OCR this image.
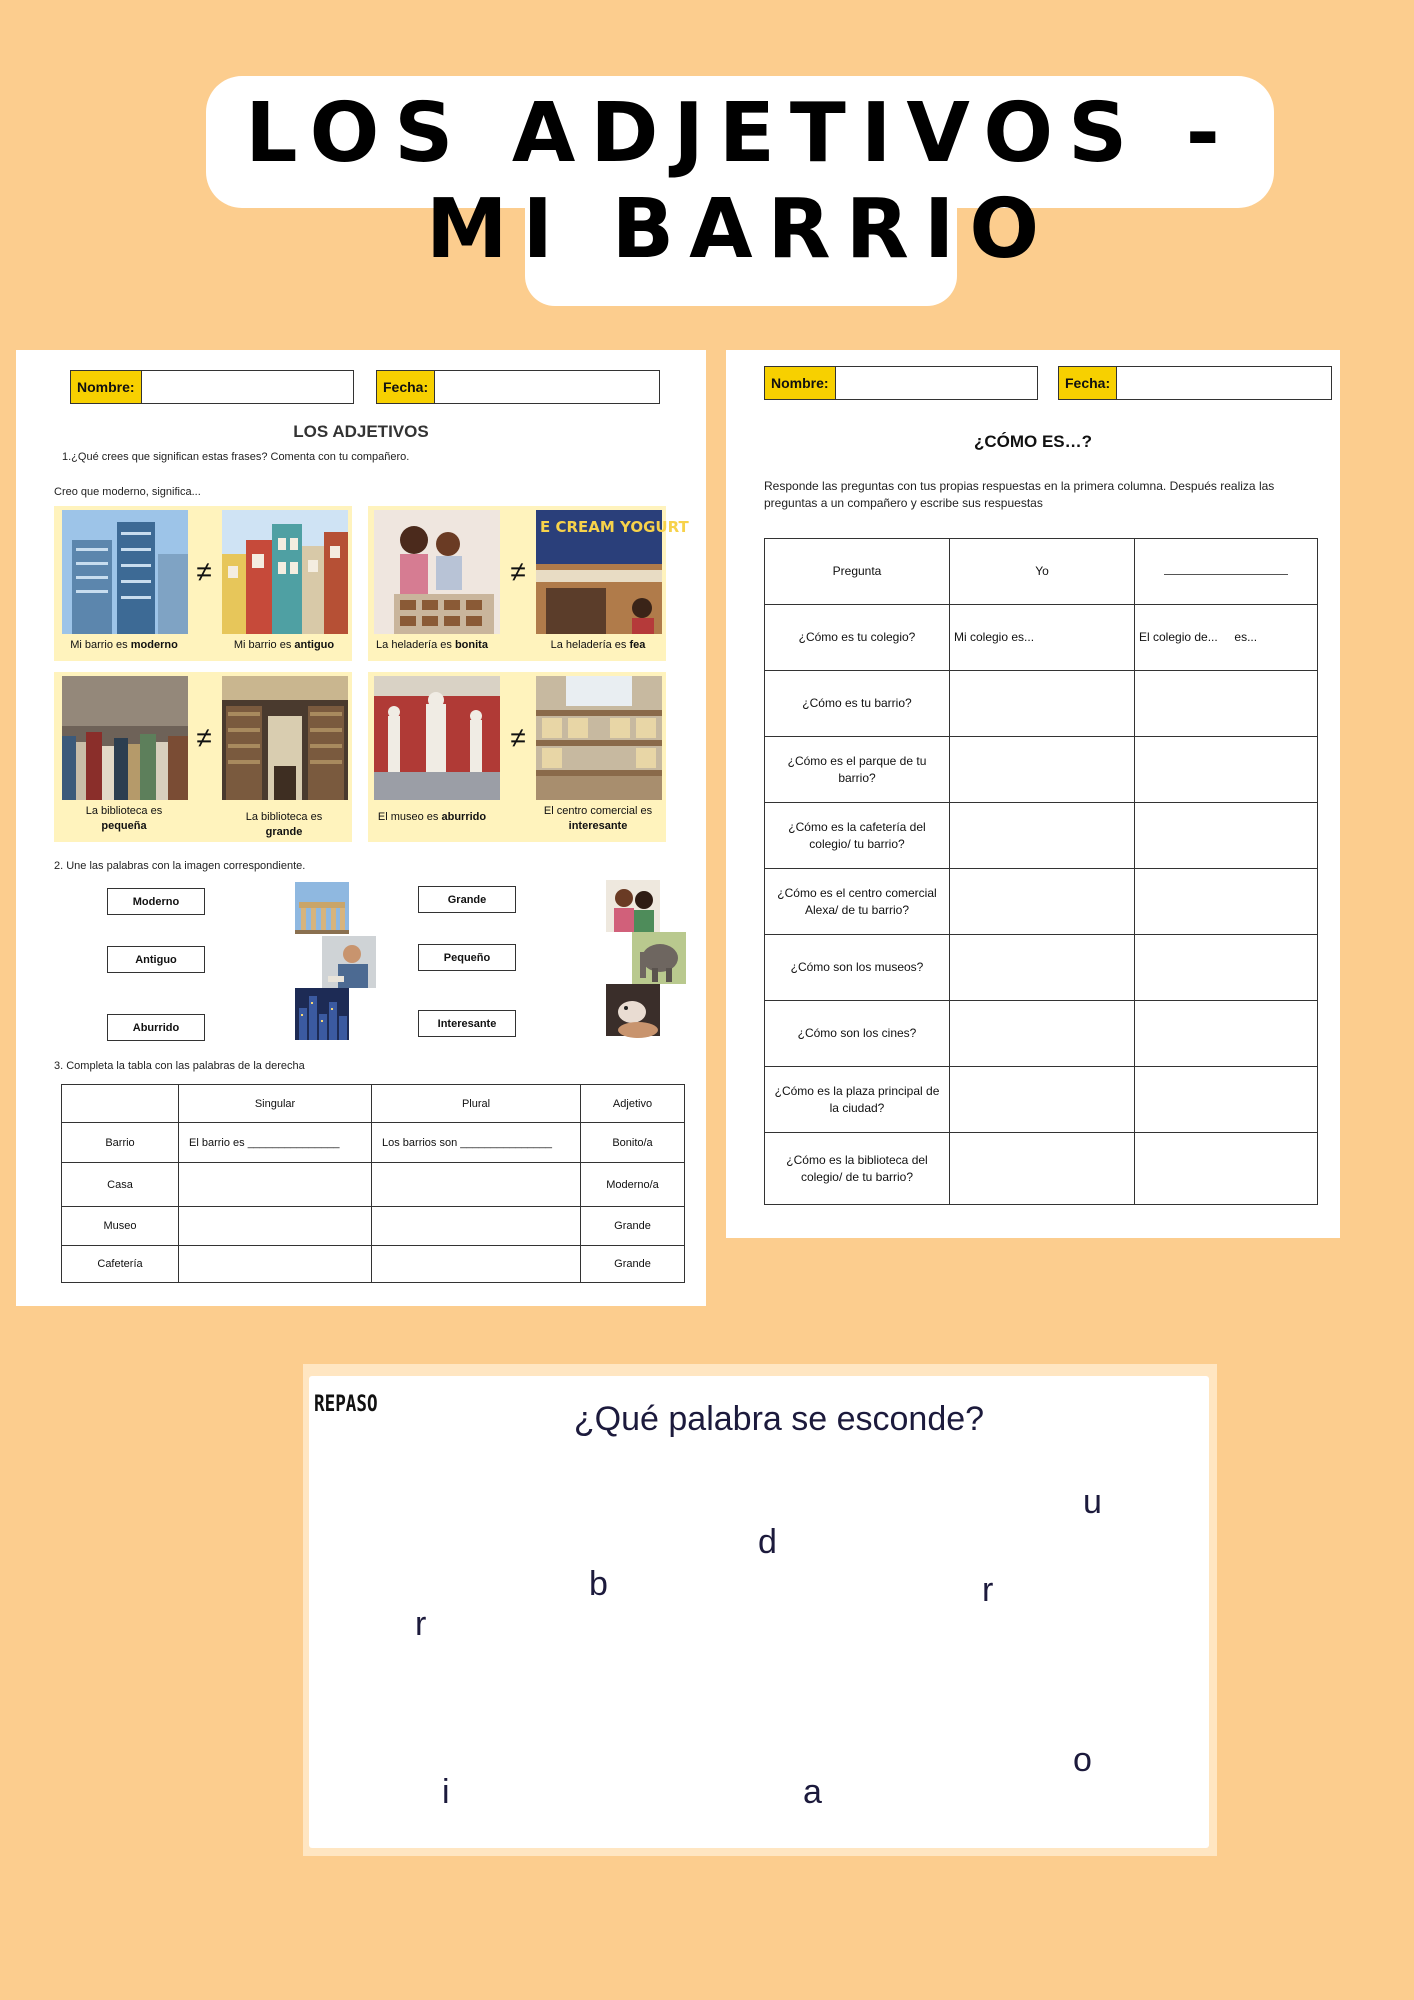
LOS ADJETIVOS - MI BARRIO
Nombre:	Fecha:
LOS ADJETIVOS
1.¿Qué crees que significan estas frases? Comenta con tu compañero.
Creo que moderno, significa...
≠
Mi barrio es moderno	Mi barrio es antiguo
≠
E CREAM YOGURT
La heladería es bonita	La heladería es fea
≠
La biblioteca es
pequeña
La biblioteca es
grande
≠
El museo es aburrido	El centro comercial es
interesante
2. Une las palabras con la imagen correspondiente.
Moderno
Antiguo
Aburrido
Grande
Pequeño
Interesante
3. Completa la tabla con las palabras de la derecha
	Singular	Plural	Adjetivo
Barrio	El barrio es _______________	Los barrios son _______________	Bonito/a
Casa			Moderno/a
Museo			Grande
Cafetería			Grande
Nombre:	Fecha:
¿CÓMO ES…?
Responde las preguntas con tus propias respuestas en la primera columna. Después realiza las preguntas a un compañero y escribe sus respuestas
Pregunta	Yo	
¿Cómo es tu colegio?	Mi colegio es...	El colegio de... es...
¿Cómo es tu barrio?		
¿Cómo es el parque de tu barrio?		
¿Cómo es la cafetería del colegio/ tu barrio?		
¿Cómo es el centro comercial Alexa/ de tu barrio?		
¿Cómo son los museos?		
¿Cómo son los cines?		
¿Cómo es la plaza principal de la ciudad?		
¿Cómo es la biblioteca del colegio/ de tu barrio?		
REPASO	¿Qué palabra se esconde?
u
d
b	r
r
o
i	a
